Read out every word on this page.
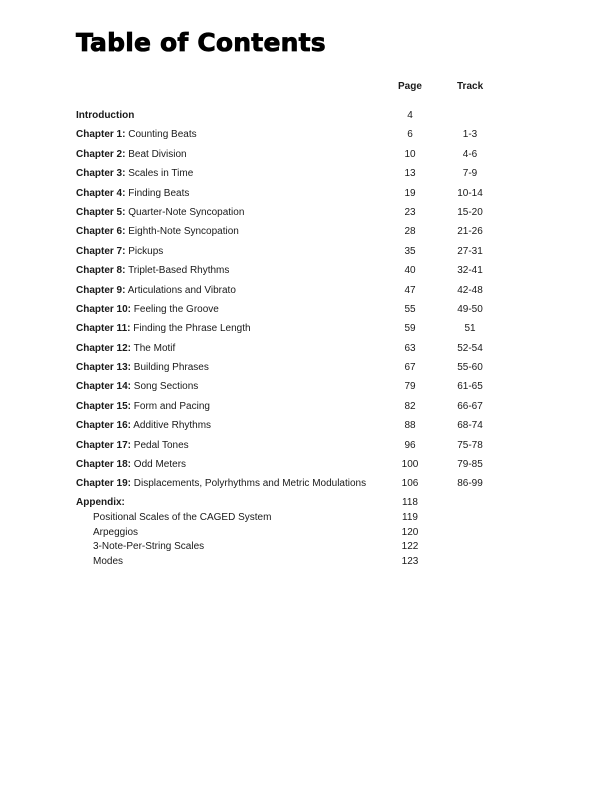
Table of Contents
Page	Track
Introduction	4
Chapter 1: Counting Beats	6	1-3
Chapter 2: Beat Division	10	4-6
Chapter 3: Scales in Time	13	7-9
Chapter 4: Finding Beats	19	10-14
Chapter 5: Quarter-Note Syncopation	23	15-20
Chapter 6: Eighth-Note Syncopation	28	21-26
Chapter 7: Pickups	35	27-31
Chapter 8: Triplet-Based Rhythms	40	32-41
Chapter 9: Articulations and Vibrato	47	42-48
Chapter 10: Feeling the Groove	55	49-50
Chapter 11: Finding the Phrase Length	59	51
Chapter 12: The Motif	63	52-54
Chapter 13: Building Phrases	67	55-60
Chapter 14: Song Sections	79	61-65
Chapter 15: Form and Pacing	82	66-67
Chapter 16: Additive Rhythms	88	68-74
Chapter 17: Pedal Tones	96	75-78
Chapter 18: Odd Meters	100	79-85
Chapter 19: Displacements, Polyrhythms and Metric Modulations	106	86-99
Appendix:	118
Positional Scales of the CAGED System	119
Arpeggios	120
3-Note-Per-String Scales	122
Modes	123
